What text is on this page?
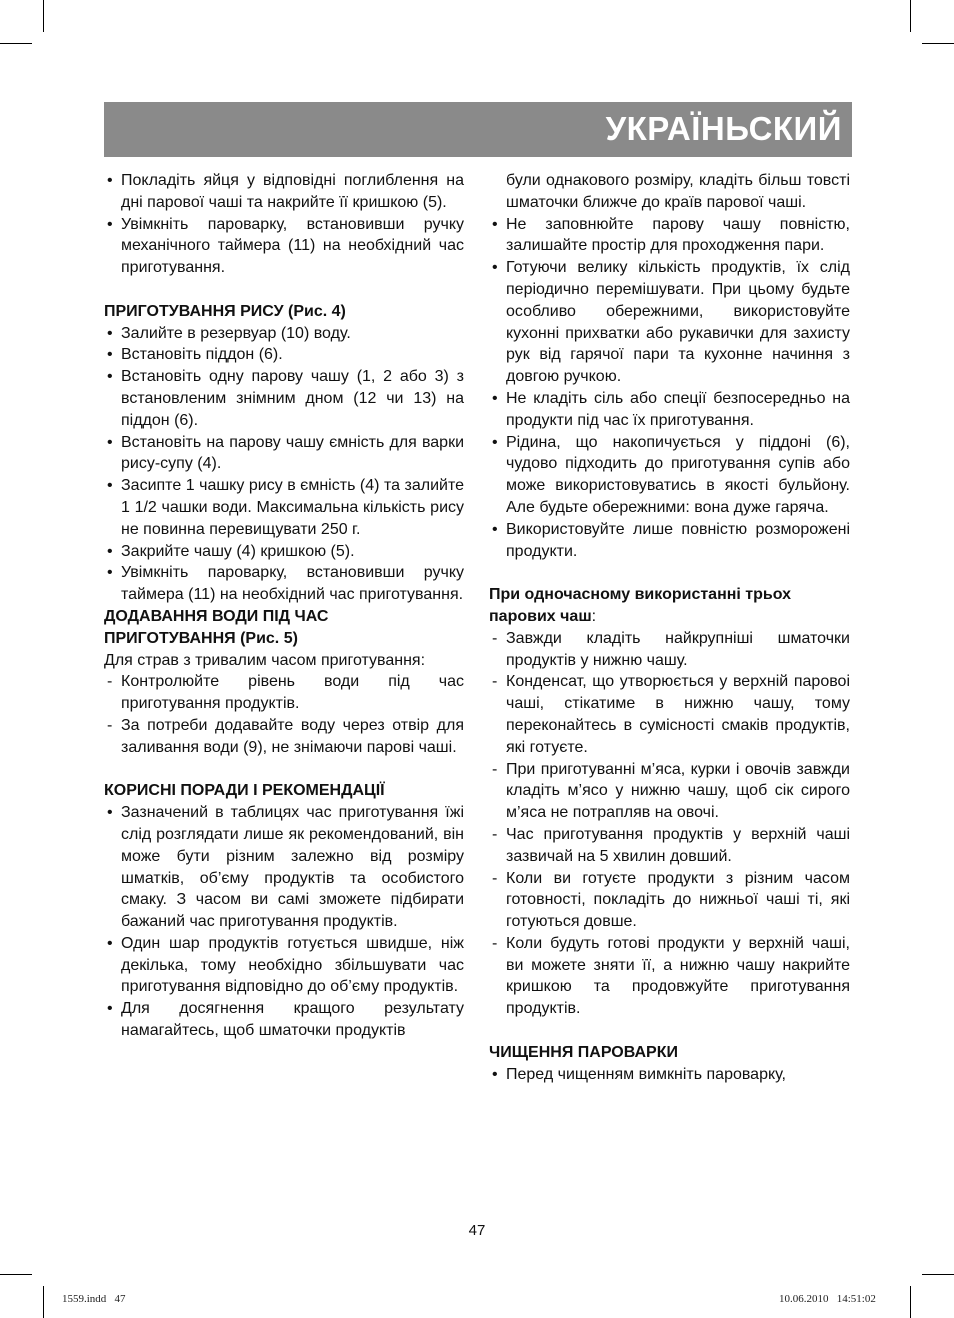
УКРАЇНЬСКИЙ
• Покладіть яйця у відповідні поглиблення на дні парової чаші та накрийте її кришкою (5).
• Увімкніть пароварку, встановивши ручку механічного таймера (11) на необхідний час приготування.
ПРИГОТУВАННЯ РИСУ (Рис. 4)
• Залийте в резервуар (10) воду.
• Встановіть піддон (6).
• Встановіть одну парову чашу (1, 2 або 3) з встановленим знімним дном (12 чи 13) на піддон (6).
• Встановіть на парову чашу ємність для варки рису-супу (4).
• Засипте 1 чашку рису в ємність (4) та залийте 1 1/2 чашки води. Максимальна кількість рису не повинна перевищувати 250 г.
• Закрийте чашу (4) кришкою (5).
• Увімкніть пароварку, встановивши ручку таймера (11) на необхідний час приготування.
ДОДАВАННЯ ВОДИ ПІД ЧАС ПРИГОТУВАННЯ (Рис. 5)
Для страв з тривалим часом приготування:
- Контролюйте рівень води під час приготування продуктів.
- За потреби додавайте воду через отвір для заливання води (9), не знімаючи парові чаші.
КОРИСНІ ПОРАДИ І РЕКОМЕНДАЦІЇ
• Зазначений в таблицях час приготування їжі слід розглядати лише як рекомендований, він може бути різним залежно від розміру шматків, об’єму продуктів та особистого смаку. З часом ви самі зможете підбирати бажаний час приготування продуктів.
• Один шар продуктів готується швидше, ніж декілька, тому необхідно збільшувати час приготування відповідно до об’єму продуктів.
• Для досягнення кращого результату намагайтесь, щоб шматочки продуктів
були однакового розміру, кладіть більш товсті шматочки ближче до країв парової чаші.
• Не заповнюйте парову чашу повністю, залишайте простір для проходження пари.
• Готуючи велику кількість продуктів, їх слід періодично перемішувати. При цьому будьте особливо обережними, використовуйте кухонні прихватки або рукавички для захисту рук від гарячої пари та кухонне начиння з довгою ручкою.
• Не кладіть сіль або спеції безпосередньо на продукти під час їх приготування.
• Рідина, що накопичується у піддоні (6), чудово підходить до приготування супів або може використовуватись в якості бульйону. Але будьте обережними: вона дуже гаряча.
• Використовуйте лише повністю розморожені продукти.
При одночасному використанні трьох парових чаш:
- Завжди кладіть найкрупніші шматочки продуктів у нижню чашу.
- Конденсат, що утворюється у верхній паровоі чаші, стікатиме в нижню чашу, тому переконайтесь в сумісності смаків продуктів, які готуєте.
- При приготуванні м’яса, курки і овочів завжди кладіть м’ясо у нижню чашу, щоб сік сирого м’яса не потрапляв на овочі.
- Час приготування продуктів у верхній чаші зазвичай на 5 хвилин довший.
- Коли ви готуєте продукти з різним часом готовності, покладіть до нижньої чаші ті, які готуються довше.
- Коли будуть готові продукти у верхній чаші, ви можете зняти її, а нижню чашу накрийте кришкою та продовжуйте приготування продуктів.
ЧИЩЕННЯ ПАРОВАРКИ
• Перед чищенням вимкніть пароварку,
47
1559.indd   47	10.06.2010   14:51:02
